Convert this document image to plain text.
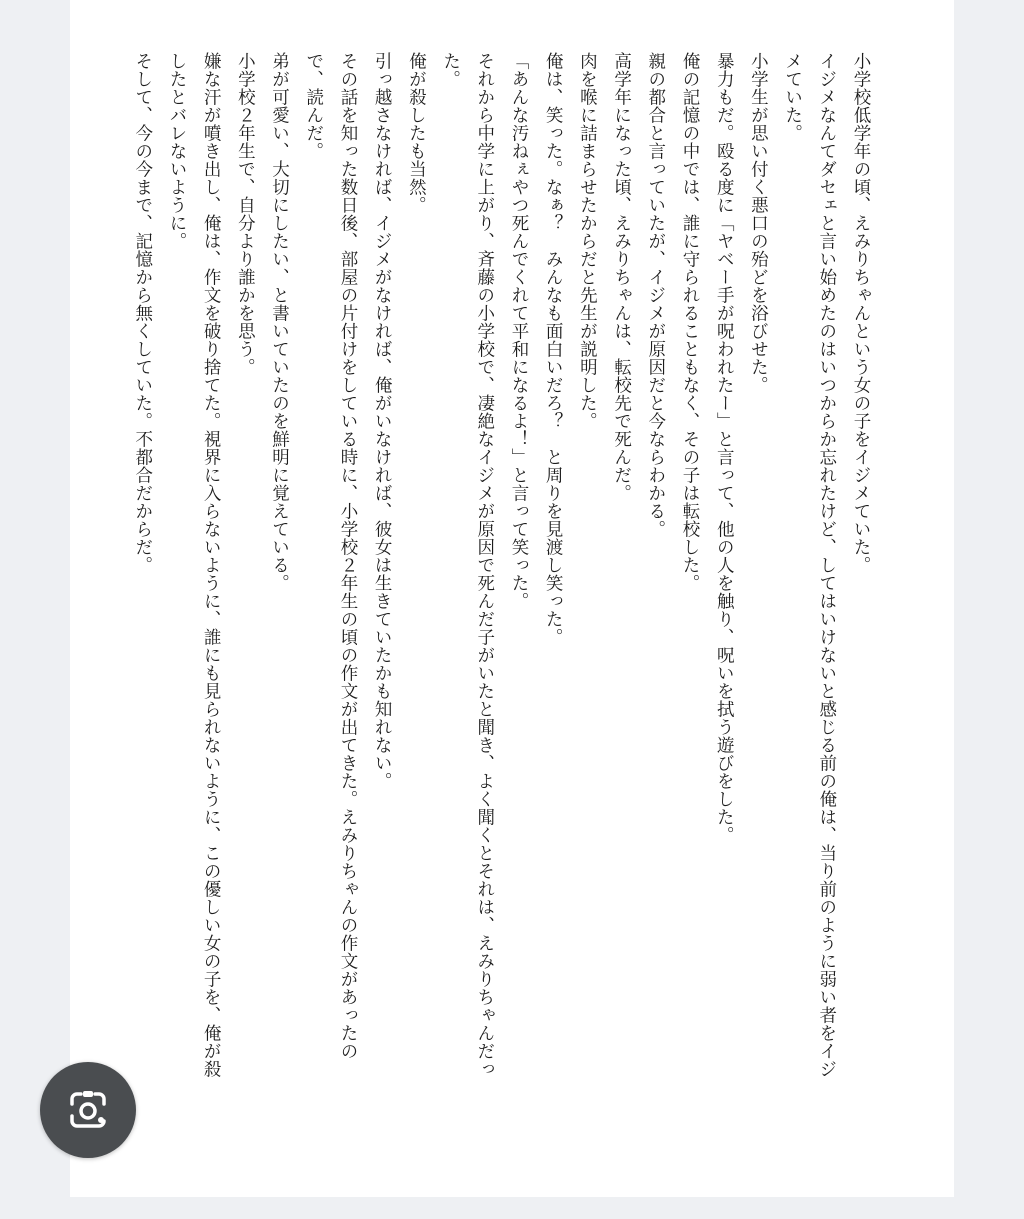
小学校低学年の頃、えみりちゃんという女の子をイジメていた。
イジメなんてダセェと言い始めたのはいつからか忘れたけど、してはいけないと感じる前の俺は、当り前のように弱い者をイジ
メていた。
小学生が思い付く悪口の殆どを浴びせた。
暴力もだ。殴る度に「ヤベー手が呪われたー」と言って、他の人を触り、呪いを拭う遊びをした。
俺の記憶の中では、誰に守られることもなく、その子は転校した。
親の都合と言っていたが、イジメが原因だと今ならわかる。
高学年になった頃、えみりちゃんは、転校先で死んだ。
肉を喉に詰まらせたからだと先生が説明した。
俺は、笑った。なぁ？　みんなも面白いだろ？　と周りを見渡し笑った。
「あんな汚ねぇやつ死んでくれて平和になるよ！」と言って笑った。
それから中学に上がり、斉藤の小学校で、凄絶なイジメが原因で死んだ子がいたと聞き、よく聞くとそれは、えみりちゃんだっ
た。
俺が殺したも当然。
引っ越さなければ、イジメがなければ、俺がいなければ、彼女は生きていたかも知れない。
その話を知った数日後、部屋の片付けをしている時に、小学校２年生の頃の作文が出てきた。えみりちゃんの作文があったの
で、読んだ。
弟が可愛い、大切にしたい、と書いていたのを鮮明に覚えている。
小学校２年生で、自分より誰かを思う。
嫌な汗が噴き出し、俺は、作文を破り捨てた。視界に入らないように、誰にも見られないように、この優しい女の子を、俺が殺
したとバレないように。
そして、今の今まで、記憶から無くしていた。不都合だからだ。
